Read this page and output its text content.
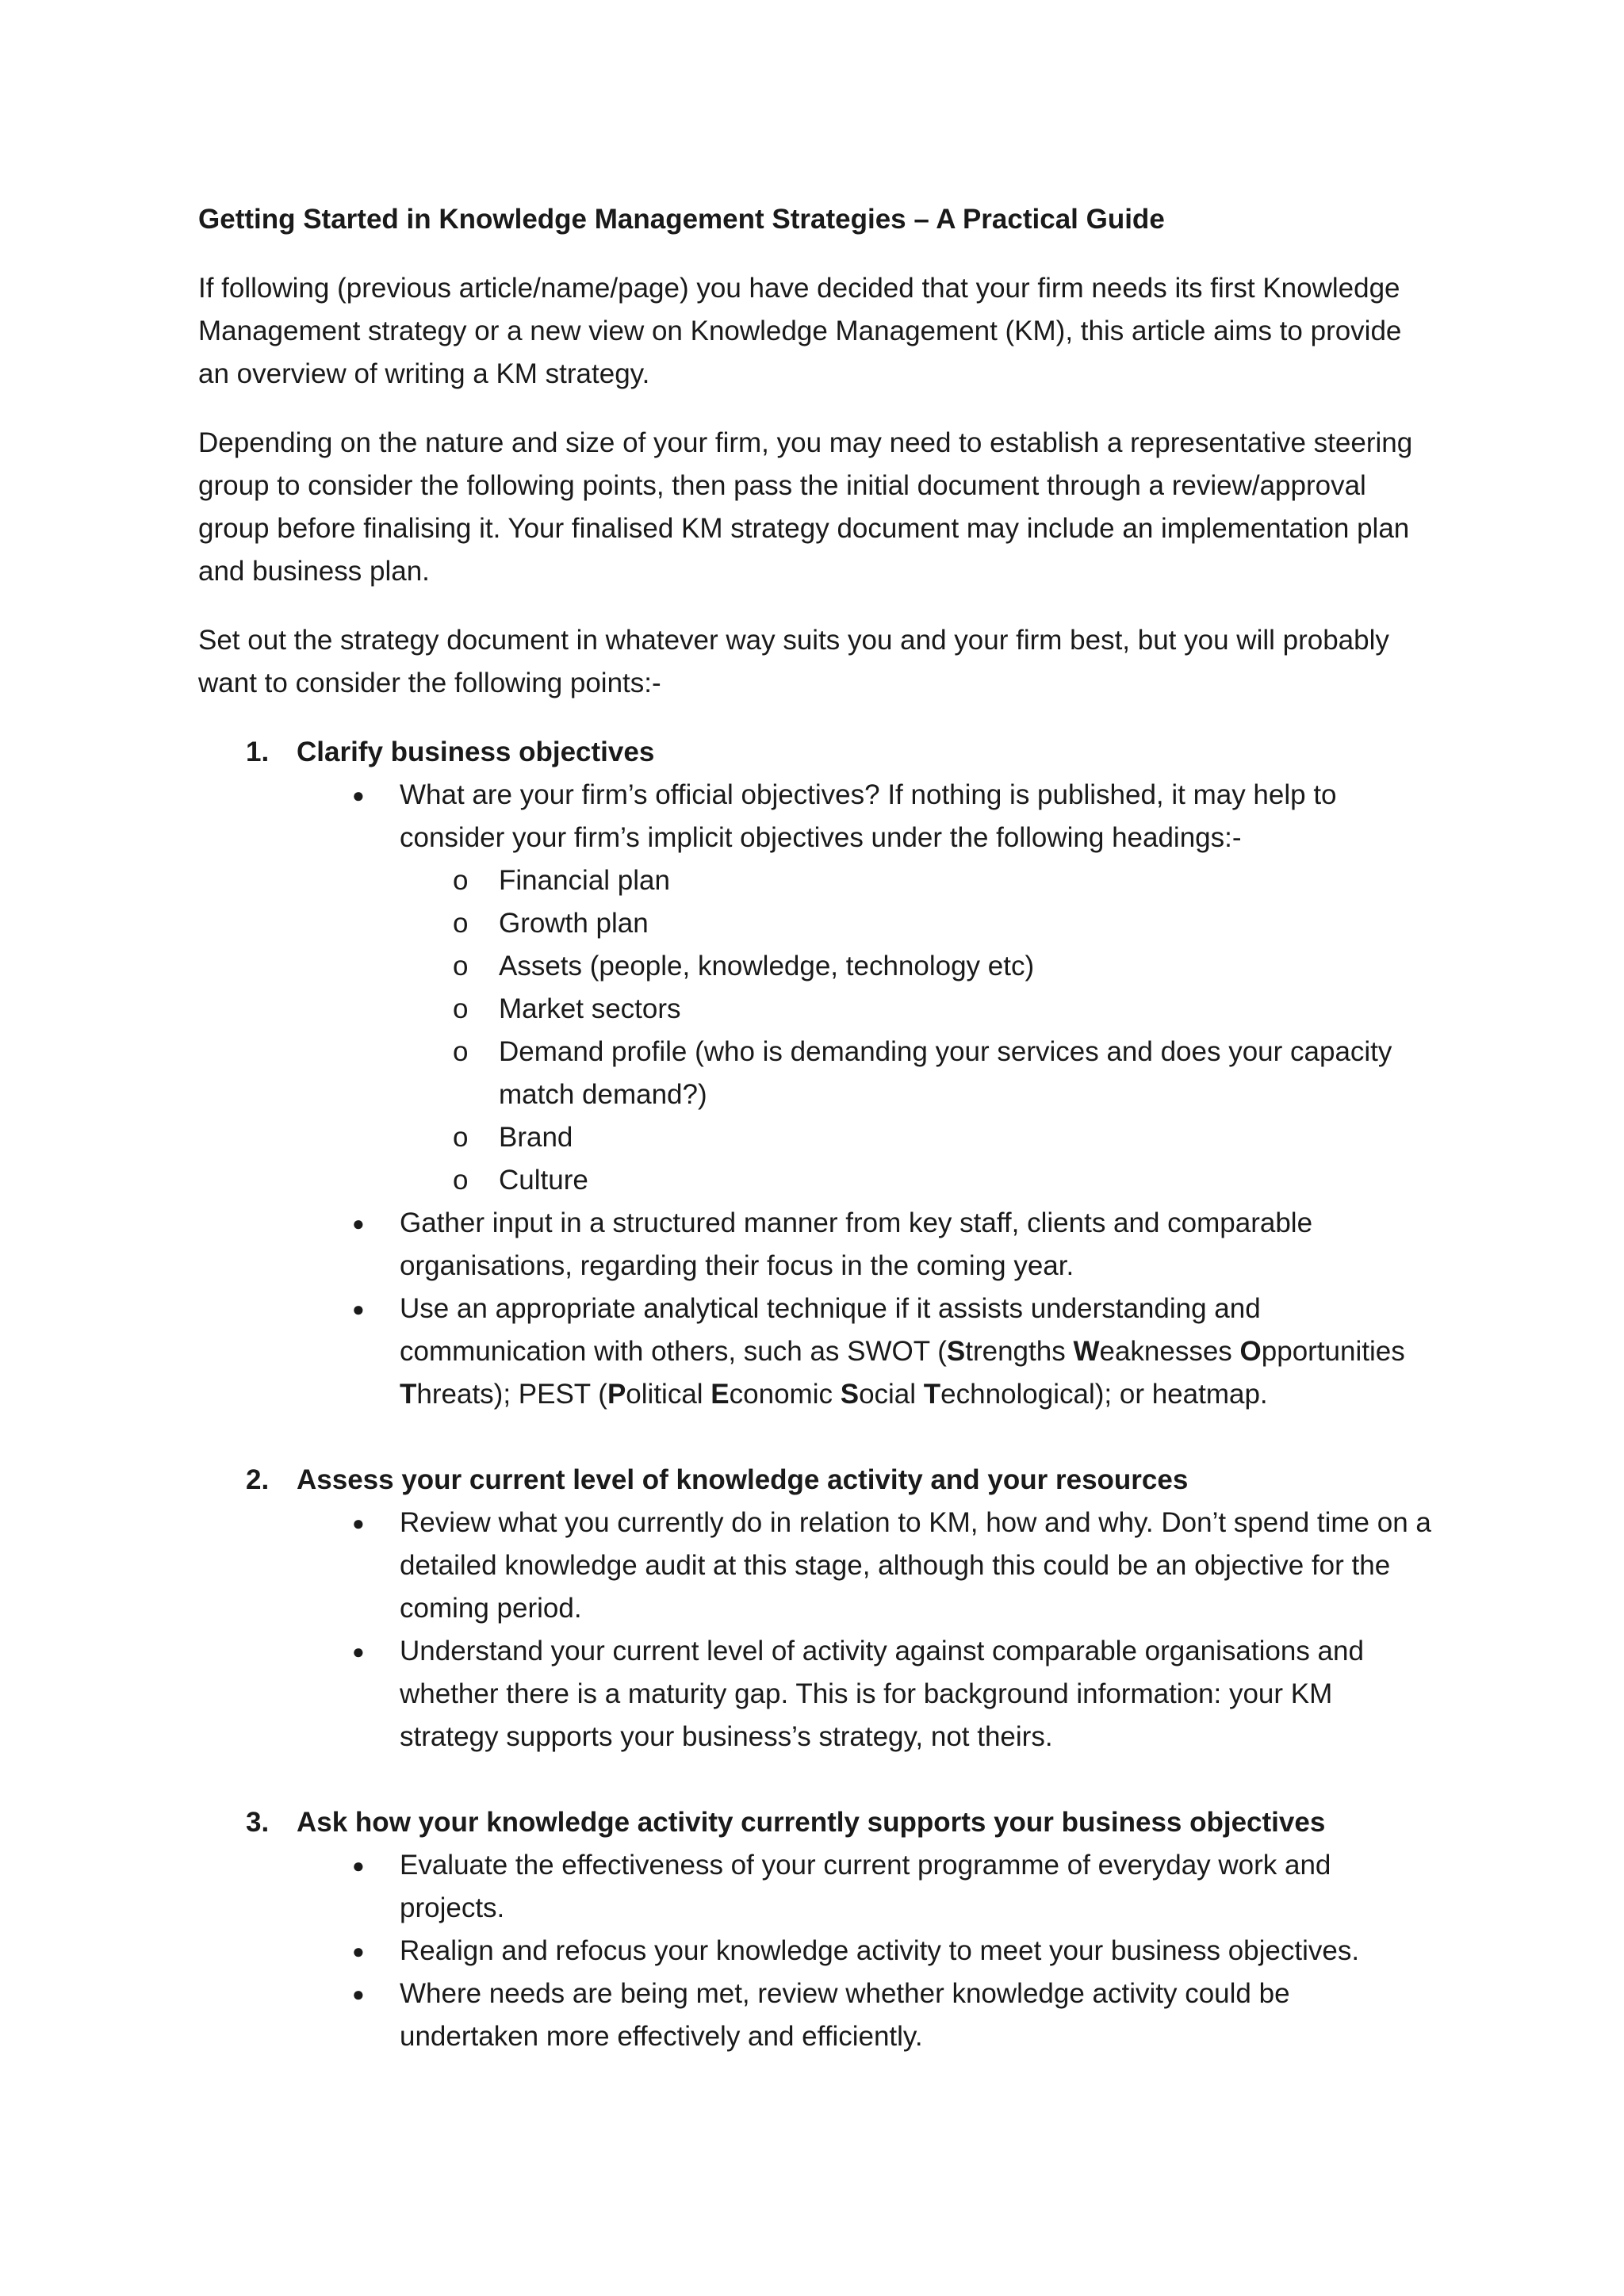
Getting Started in Knowledge Management Strategies – A Practical Guide

If following (previous article/name/page) you have decided that your firm needs its first Knowledge Management strategy or a new view on Knowledge Management (KM), this article aims to provide an overview of writing a KM strategy.

Depending on the nature and size of your firm, you may need to establish a representative steering group to consider the following points, then pass the initial document through a review/approval group before finalising it. Your finalised KM strategy document may include an implementation plan and business plan.

Set out the strategy document in whatever way suits you and your firm best, but you will probably want to consider the following points:-

1. Clarify business objectives
● What are your firm’s official objectives? If nothing is published, it may help to consider your firm’s implicit objectives under the following headings:-
o Financial plan
o Growth plan
o Assets (people, knowledge, technology etc)
o Market sectors
o Demand profile (who is demanding your services and does your capacity match demand?)
o Brand
o Culture
● Gather input in a structured manner from key staff, clients and comparable organisations, regarding their focus in the coming year.
● Use an appropriate analytical technique if it assists understanding and communication with others, such as SWOT (Strengths Weaknesses Opportunities Threats); PEST (Political Economic Social Technological); or heatmap.
2. Assess your current level of knowledge activity and your resources
● Review what you currently do in relation to KM, how and why. Don’t spend time on a detailed knowledge audit at this stage, although this could be an objective for the coming period.
● Understand your current level of activity against comparable organisations and whether there is a maturity gap. This is for background information: your KM strategy supports your business’s strategy, not theirs.
3. Ask how your knowledge activity currently supports your business objectives
● Evaluate the effectiveness of your current programme of everyday work and projects.
● Realign and refocus your knowledge activity to meet your business objectives.
● Where needs are being met, review whether knowledge activity could be undertaken more effectively and efficiently.
